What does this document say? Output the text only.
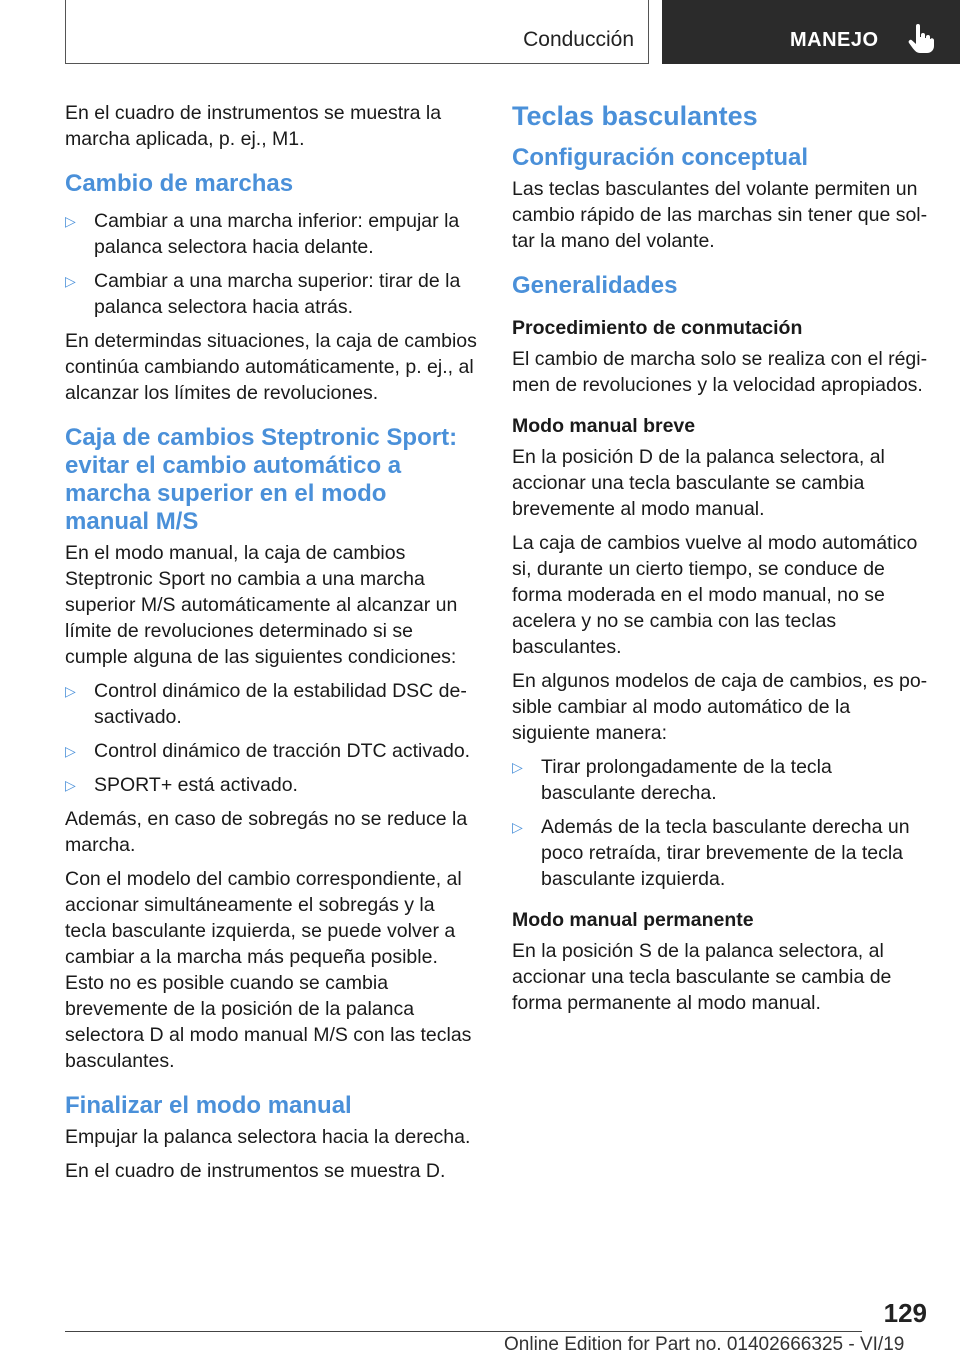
Conducción	MANEJO

En el cuadro de instrumentos se muestra la marcha aplicada, p. ej., M1.

Cambio de marchas
▷ Cambiar a una marcha inferior: empujar la palanca selectora hacia delante.
▷ Cambiar a una marcha superior: tirar de la palanca selectora hacia atrás.

En determindas situaciones, la caja de cambios continúa cambiando automáticamente, p. ej., al alcanzar los límites de revoluciones.

Caja de cambios Steptronic Sport: evitar el cambio automático a marcha superior en el modo manual M/S

En el modo manual, la caja de cambios Steptronic Sport no cambia a una marcha superior M/S automáticamente al alcanzar un límite de revoluciones determinado si se cumple alguna de las siguientes condiciones:

▷ Control dinámico de la estabilidad DSC desactivado.
▷ Control dinámico de tracción DTC activado.
▷ SPORT+ está activado.

Además, en caso de sobregás no se reduce la marcha.

Con el modelo del cambio correspondiente, al accionar simultáneamente el sobregás y la tecla basculante izquierda, se puede volver a cambiar a la marcha más pequeña posible. Esto no es posible cuando se cambia brevemente de la posición de la palanca selectora D al modo manual M/S con las teclas basculantes.

Finalizar el modo manual

Empujar la palanca selectora hacia la derecha.

En el cuadro de instrumentos se muestra D.

Teclas basculantes
Configuración conceptual

Las teclas basculantes del volante permiten un cambio rápido de las marchas sin tener que soltar la mano del volante.

Generalidades
Procedimiento de conmutación

El cambio de marcha solo se realiza con el régimen de revoluciones y la velocidad apropiados.

Modo manual breve

En la posición D de la palanca selectora, al accionar una tecla basculante se cambia brevemente al modo manual.

La caja de cambios vuelve al modo automático si, durante un cierto tiempo, se conduce de forma moderada en el modo manual, no se acelera y no se cambia con las teclas basculantes.

En algunos modelos de caja de cambios, es posible cambiar al modo automático de la siguiente manera:

▷ Tirar prolongadamente de la tecla basculante derecha.
▷ Además de la tecla basculante derecha un poco retraída, tirar brevemente de la tecla basculante izquierda.
Modo manual permanente

En la posición S de la palanca selectora, al accionar una tecla basculante se cambia de forma permanente al modo manual.

129
Online Edition for Part no. 01402666325 - VI/19
